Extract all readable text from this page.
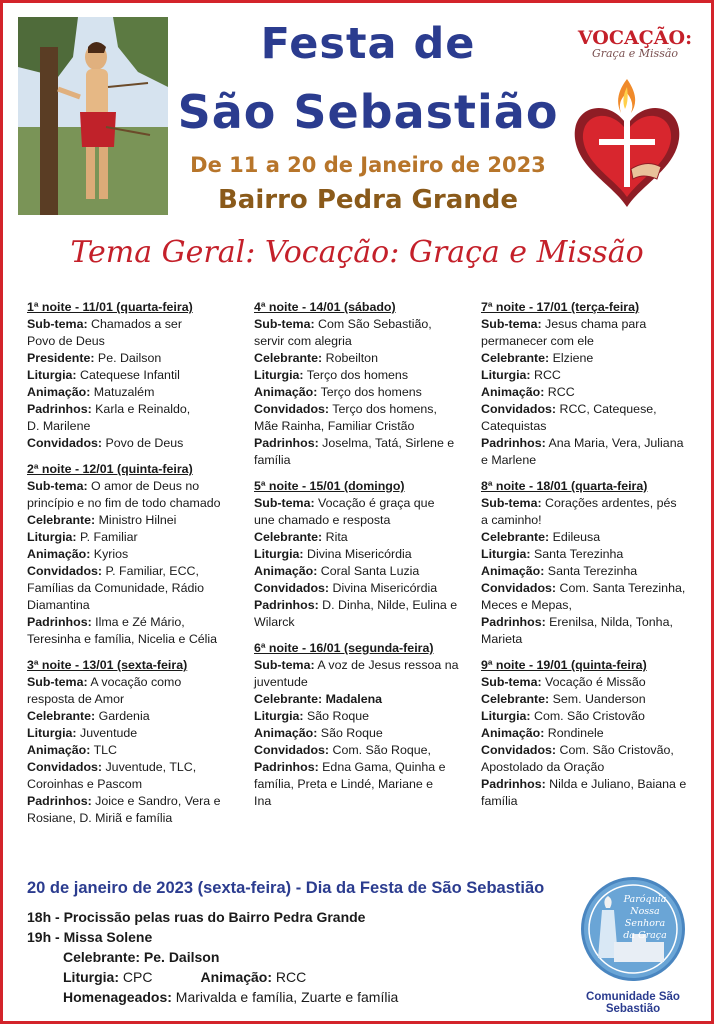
Festa de
São Sebastião
De 11 a 20 de Janeiro de 2023
Bairro Pedra Grande
VOCAÇÃO:
Graça e Missão
Tema Geral: Vocação: Graça e Missão
1ª noite - 11/01 (quarta-feira)
Sub-tema: Chamados a ser
Povo de Deus
Presidente: Pe. Dailson
Liturgia: Catequese Infantil
Animação: Matuzalém
Padrinhos: Karla e Reinaldo,
D. Marilene
Convidados: Povo de Deus
2ª noite - 12/01 (quinta-feira)
Sub-tema: O amor de Deus no
princípio e no fim de todo chamado
Celebrante: Ministro Hilnei
Liturgia: P. Familiar
Animação: Kyrios
Convidados: P. Familiar, ECC,
Famílias da Comunidade, Rádio
Diamantina
Padrinhos: Ilma e Zé Mário,
Teresinha e família, Nicelia e Célia
3ª noite - 13/01 (sexta-feira)
Sub-tema: A vocação como
resposta de Amor
Celebrante: Gardenia
Liturgia: Juventude
Animação: TLC
Convidados: Juventude, TLC,
Coroinhas e Pascom
Padrinhos: Joice e Sandro, Vera e
Rosiane, D. Miriã e família
4ª noite - 14/01 (sábado)
Sub-tema: Com São Sebastião,
servir com alegria
Celebrante: Robeilton
Liturgia: Terço dos homens
Animação: Terço dos homens
Convidados: Terço dos homens,
Mãe Rainha, Familiar Cristão
Padrinhos: Joselma, Tatá, Sirlene e
família
5ª noite - 15/01 (domingo)
Sub-tema: Vocação é graça que
une chamado e resposta
Celebrante: Rita
Liturgia: Divina Misericórdia
Animação: Coral Santa Luzia
Convidados: Divina Misericórdia
Padrinhos: D. Dinha, Nilde, Eulina e
Wilarck
6ª noite - 16/01 (segunda-feira)
Sub-tema: A voz de Jesus ressoa na
juventude
Celebrante: Madalena
Liturgia: São Roque
Animação: São Roque
Convidados: Com. São Roque,
Padrinhos: Edna Gama, Quinha e
família, Preta e Lindé, Mariane e
Ina
7ª noite - 17/01 (terça-feira)
Sub-tema: Jesus chama para
permanecer com ele
Celebrante: Elziene
Liturgia: RCC
Animação: RCC
Convidados: RCC, Catequese,
Catequistas
Padrinhos: Ana Maria, Vera, Juliana
e Marlene
8ª noite - 18/01 (quarta-feira)
Sub-tema: Corações ardentes, pés
a caminho!
Celebrante: Edileusa
Liturgia: Santa Terezinha
Animação: Santa Terezinha
Convidados: Com. Santa Terezinha,
Meces e Mepas,
Padrinhos: Erenilsa, Nilda, Tonha,
Marieta
9ª noite - 19/01 (quinta-feira)
Sub-tema: Vocação é Missão
Celebrante: Sem. Uanderson
Liturgia: Com. São Cristovão
Animação: Rondinele
Convidados: Com. São Cristovão,
Apostolado da Oração
Padrinhos: Nilda e Juliano, Baiana e
família
20 de janeiro de 2023 (sexta-feira) - Dia da Festa de São Sebastião
18h - Procissão pelas ruas do Bairro Pedra Grande
19h - Missa Solene
Celebrante: Pe. Dailson
Liturgia: CPC	Animação: RCC
Homenageados: Marivalda e família, Zuarte e família
Paróquia
Nossa Senhora
da Graça
Comunidade São Sebastião
